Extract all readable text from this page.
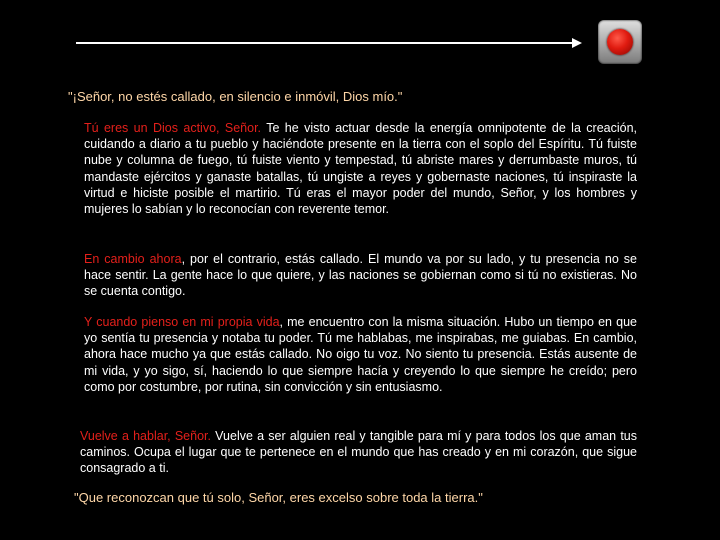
"¡Señor, no estés callado, en silencio e inmóvil, Dios mío."

Tú eres un Dios activo, Señor. Te he visto actuar desde la energía omnipotente de la creación, cuidando a diario a tu pueblo y haciéndote presente en la tierra con el soplo del Espíritu. Tú fuiste nube y columna de fuego, tú fuiste viento y tempestad, tú abriste mares y derrumbaste muros, tú mandaste ejércitos y ganaste batallas, tú ungiste a reyes y gobernaste naciones, tú inspiraste la virtud e hiciste posible el martirio. Tú eras el mayor poder del mundo, Señor, y los hombres y mujeres lo sabían y lo reconocían con reverente temor.

En cambio ahora, por el contrario, estás callado. El mundo va por su lado, y tu presencia no se hace sentir. La gente hace lo que quiere, y las naciones se gobiernan como si tú no existieras. No se cuenta contigo.

Y cuando pienso en mi propia vida, me encuentro con la misma situación. Hubo un tiempo en que yo sentía tu presencia y notaba tu poder. Tú me hablabas, me inspirabas, me guiabas. En cambio, ahora hace mucho ya que estás callado. No oigo tu voz. No siento tu presencia. Estás ausente de mi vida, y yo sigo, sí, haciendo lo que siempre hacía y creyendo lo que siempre he creído; pero como por costumbre, por rutina, sin convicción y sin entusiasmo.

Vuelve a hablar, Señor. Vuelve a ser alguien real y tangible para mí y para todos los que aman tus caminos. Ocupa el lugar que te pertenece en el mundo que has creado y en mi corazón, que sigue consagrado a ti.

"Que reconozcan que tú solo, Señor, eres excelso sobre toda la tierra."
